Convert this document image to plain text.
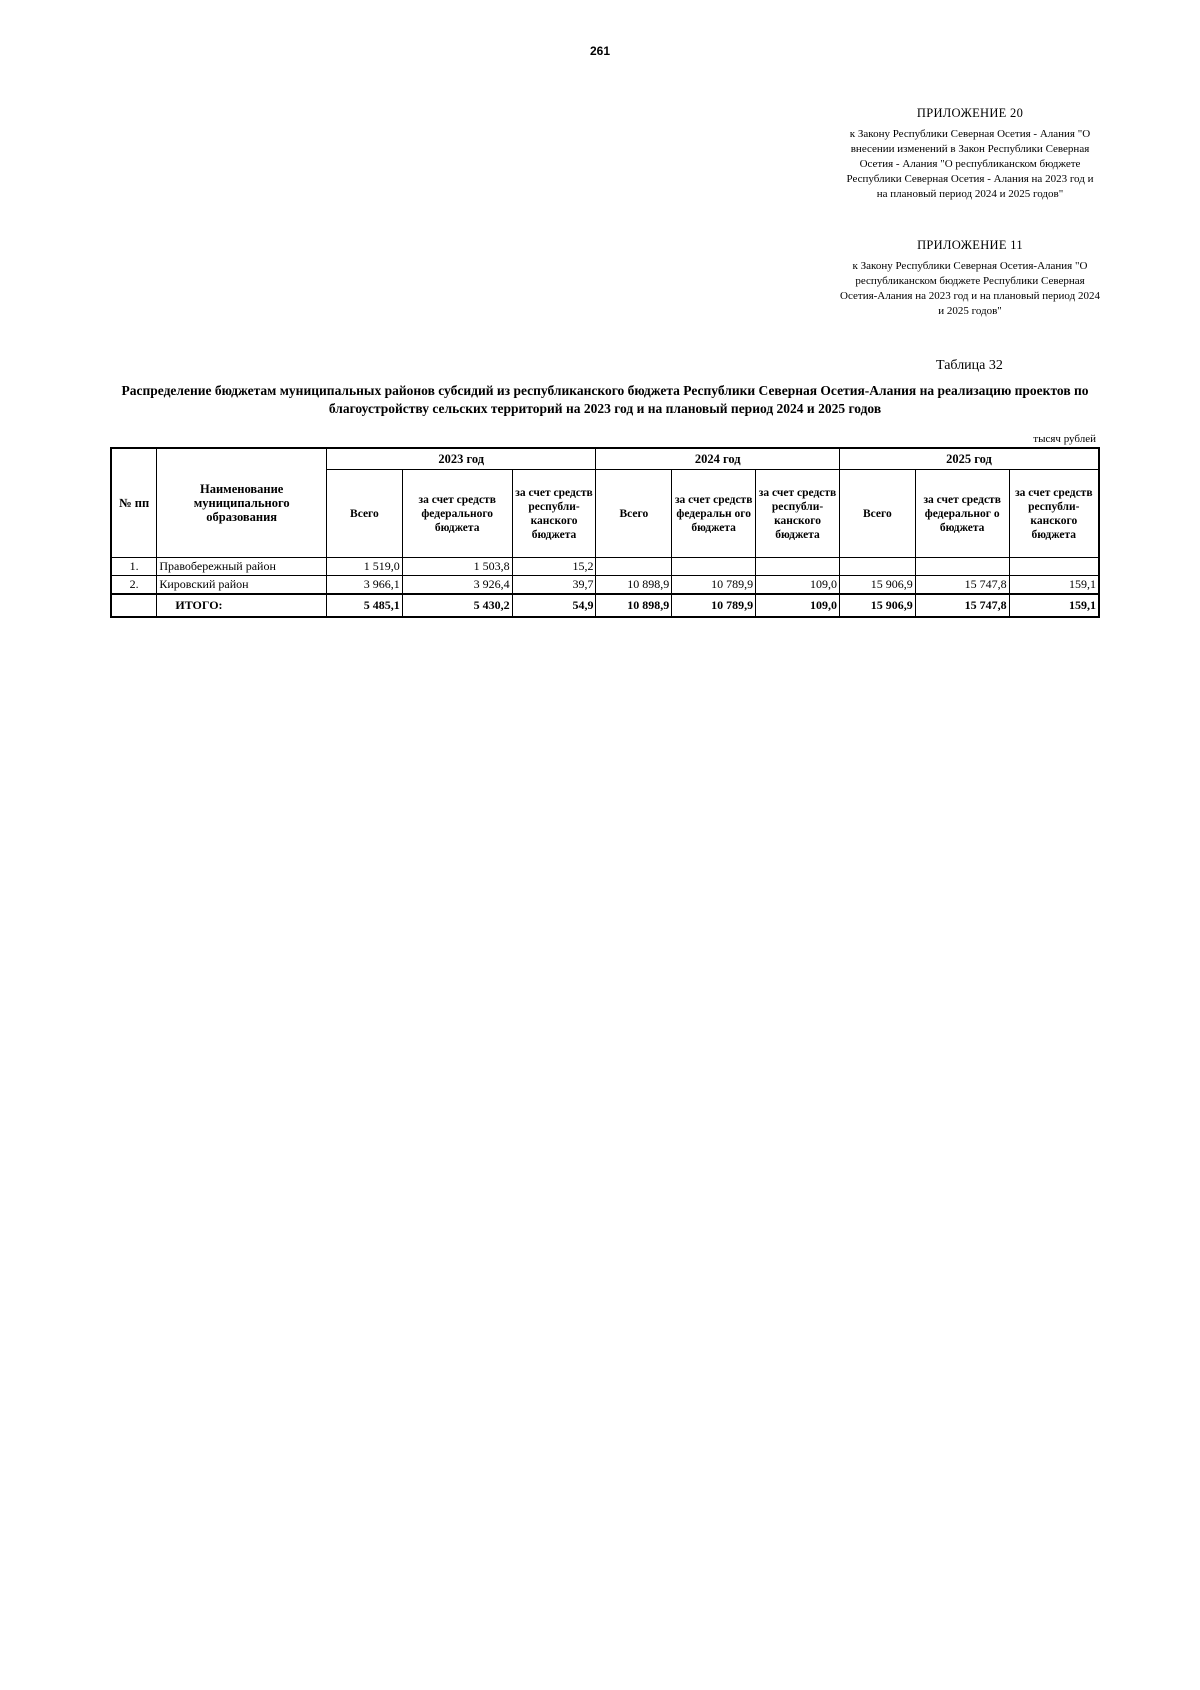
261
ПРИЛОЖЕНИЕ 20
к Закону Республики Северная Осетия - Алания "О внесении изменений в Закон Республики Северная Осетия - Алания "О республиканском бюджете Республики Северная Осетия - Алания на 2023 год и на плановый период 2024 и 2025 годов"
ПРИЛОЖЕНИЕ 11
к Закону Республики Северная Осетия-Алания "О республиканском бюджете Республики Северная Осетия-Алания на 2023 год и на плановый период 2024 и 2025 годов"
Таблица 32
Распределение бюджетам муниципальных районов субсидий из республиканского бюджета Республики Северная Осетия-Алания на реализацию проектов по благоустройству сельских территорий на 2023 год и на плановый период 2024 и 2025 годов
тысяч рублей
№ пп	Наименование муниципального образования	2023 год			2024 год			2025 год		
		Всего	за счет средств федерального бюджета	за счет средств республи-канского бюджета	Всего	за счет средств федеральн ого бюджета	за счет средств республи-канского бюджета	Всего	за счет средств федеральног о бюджета	за счет средств республи-канского бюджета
1.	Правобережный район	1 519,0	1 503,8	15,2						
2.	Кировский район	3 966,1	3 926,4	39,7	10 898,9	10 789,9	109,0	15 906,9	15 747,8	159,1
	ИТОГО:	5 485,1	5 430,2	54,9	10 898,9	10 789,9	109,0	15 906,9	15 747,8	159,1
